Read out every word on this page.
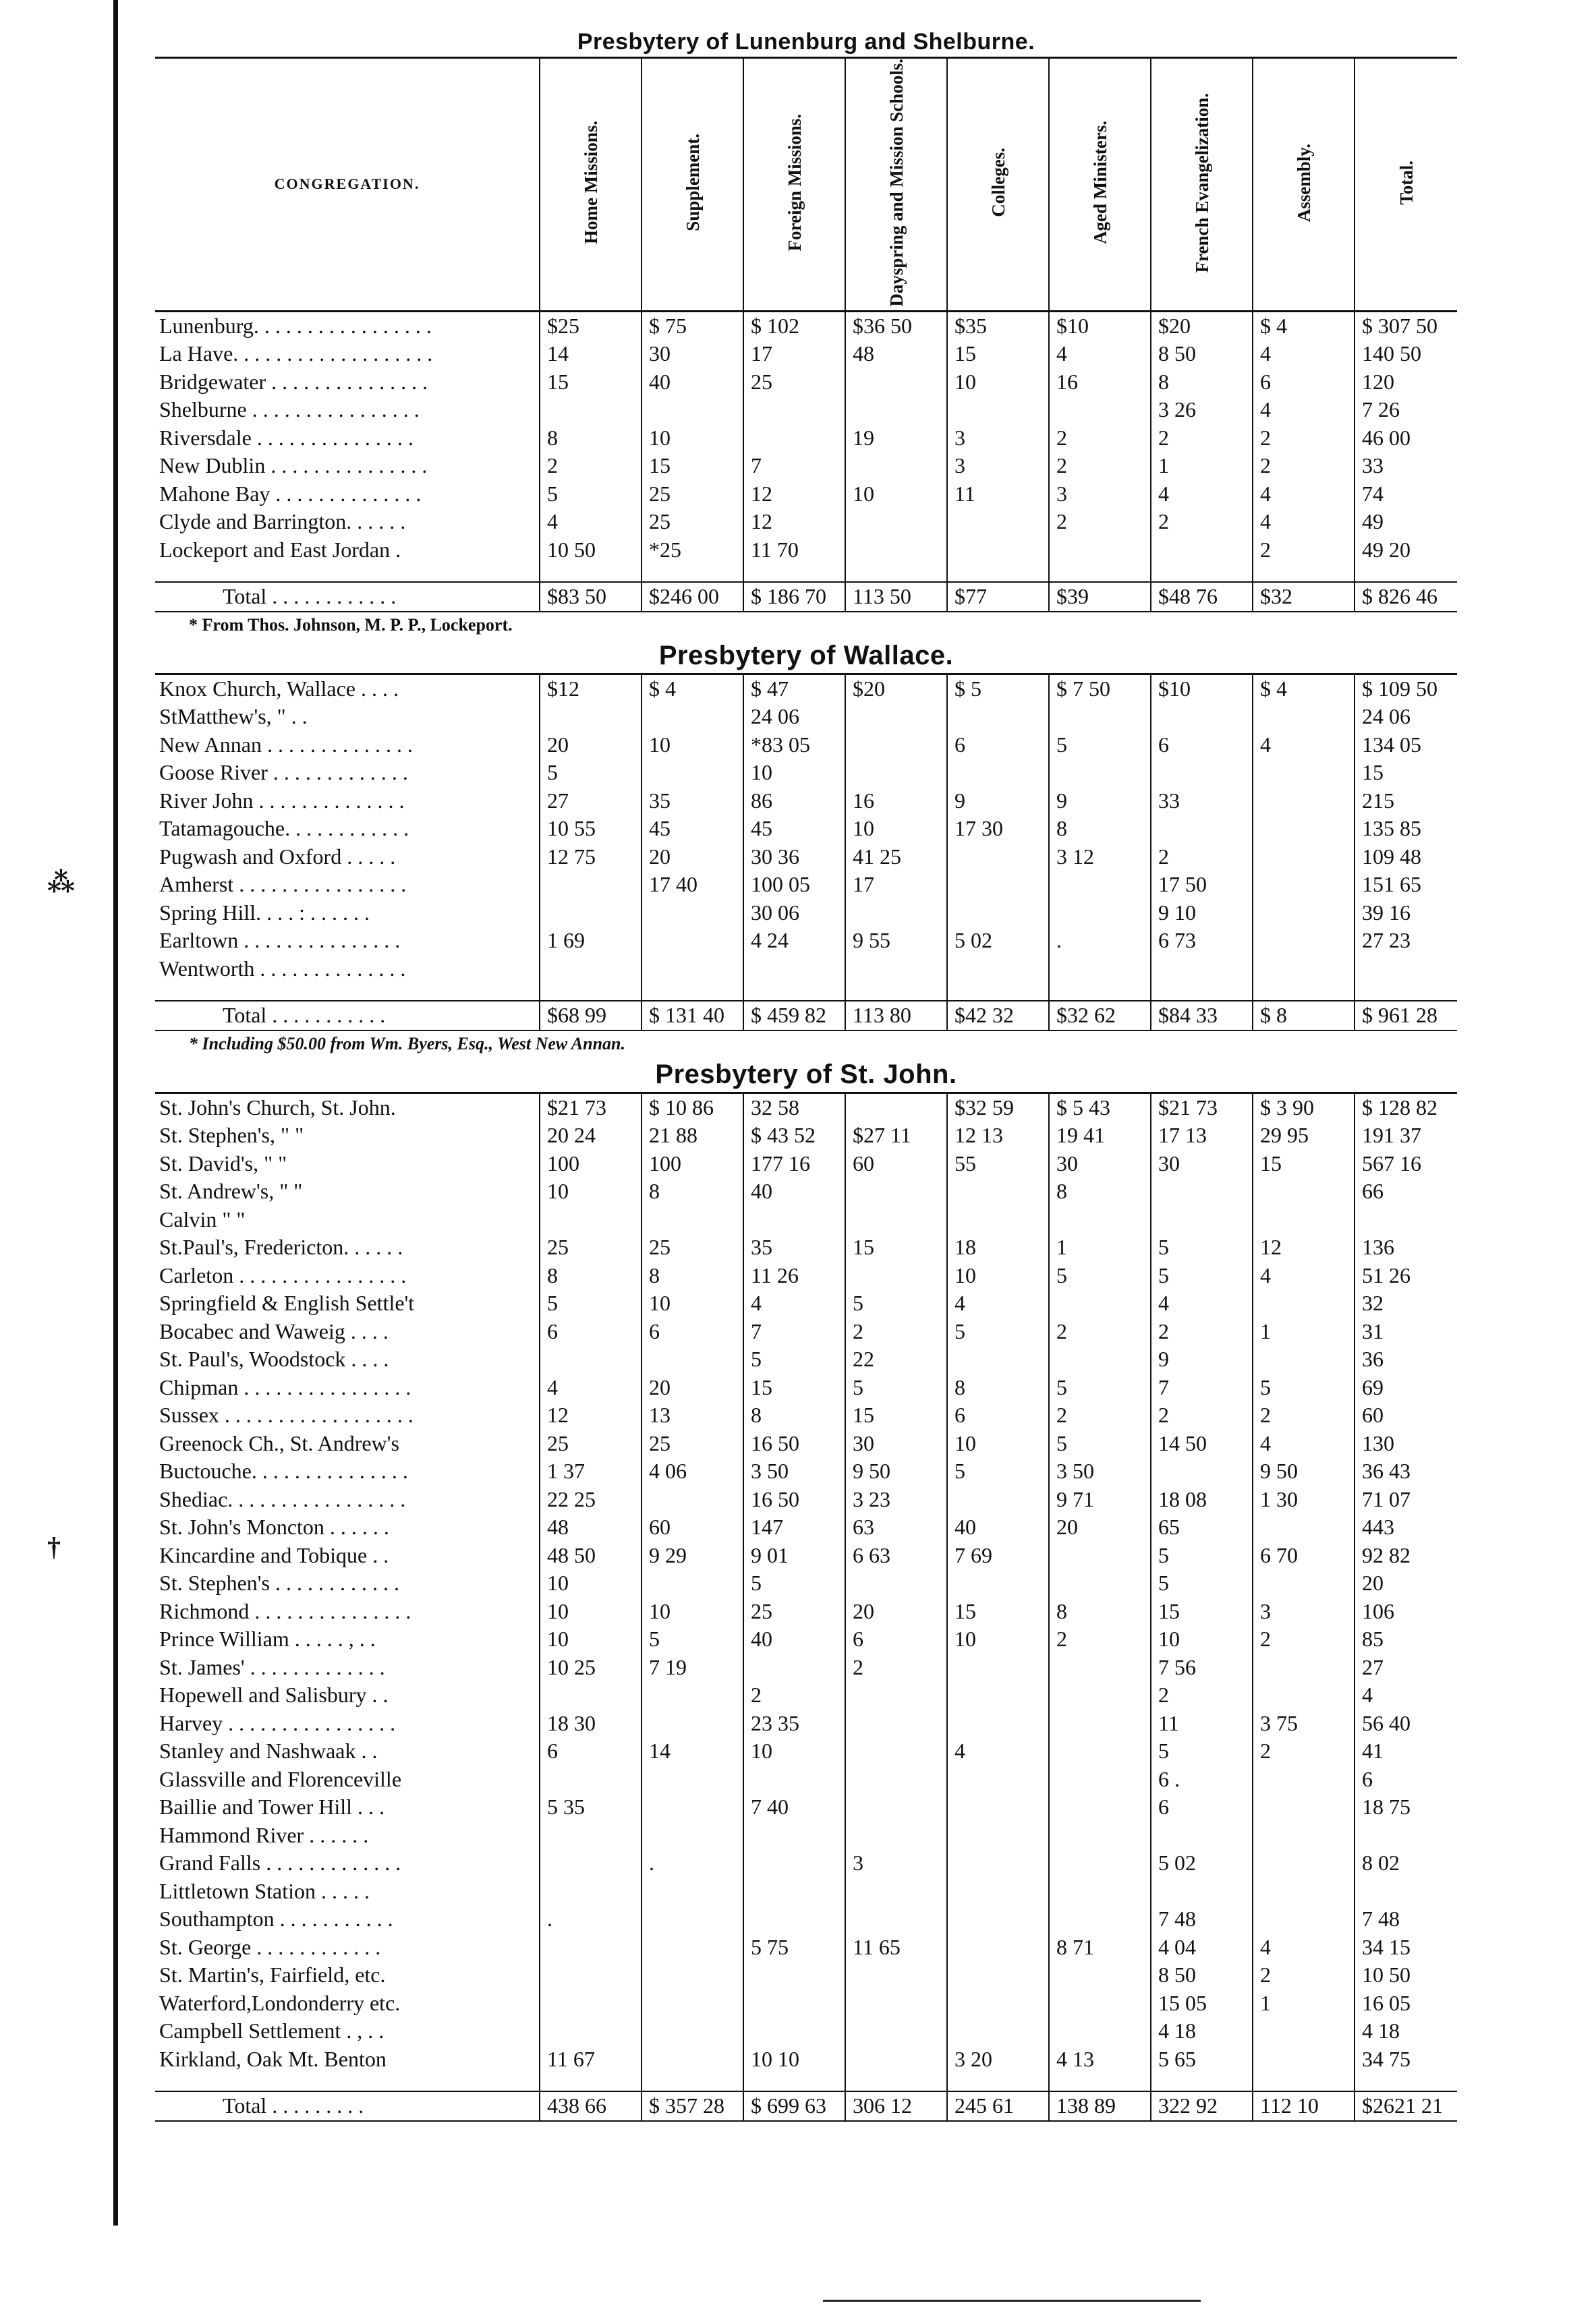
⁂
†
Presbytery of Lunenburg and Shelburne.
CONGREGATION.	Home Missions.	Supplement.	Foreign Missions.	Dayspring and Mission Schools.	Colleges.	Aged Ministers.	French Evangelization.	Assembly.	Total.
Lunenburg. . . . . . . . . . . . . . . . .	$25	$ 75	$ 102	$36 50	$35	$10	$20	$ 4	$ 307 50
La Have. . . . . . . . . . . . . . . . . . .	14	30	17	48	15	4	8 50	4	140 50
Bridgewater . . . . . . . . . . . . . . .	15	40	25		10	16	8	6	120
Shelburne . . . . . . . . . . . . . . . .							3 26	4	7 26
Riversdale . . . . . . . . . . . . . . .	8	10		19	3	2	2	2	46 00
New Dublin . . . . . . . . . . . . . . .	2	15	7		3	2	1	2	33
Mahone Bay . . . . . . . . . . . . . .	5	25	12	10	11	3	4	4	74
Clyde and Barrington. . . . . .	4	25	12			2	2	4	49
Lockeport and East Jordan .	10 50	*25	11 70					2	49 20

Total . . . . . . . . . . . .	$83 50	$246 00	$ 186 70	113 50	$77	$39	$48 76	$32	$ 826 46
* From Thos. Johnson, M. P. P., Lockeport.
Presbytery of Wallace.
Knox Church, Wallace . . . .	$12	$ 4	$ 47	$20	$ 5	$ 7 50	$10	$ 4	$ 109 50
StMatthew's, " . .			24 06						24 06
New Annan . . . . . . . . . . . . . .	20	10	*83 05		6	5	6	4	134 05
Goose River . . . . . . . . . . . . .	5		10						15
River John . . . . . . . . . . . . . .	27	35	86	16	9	9	33		215
Tatamagouche. . . . . . . . . . . .	10 55	45	45	10	17 30	8			135 85
Pugwash and Oxford . . . . .	12 75	20	30 36	41 25		3 12	2		109 48
Amherst . . . . . . . . . . . . . . . .		17 40	100 05	17			17 50		151 65
Spring Hill. . . . : . . . . . .			30 06				9 10		39 16
Earltown . . . . . . . . . . . . . . .	1 69		4 24	9 55	5 02	.	6 73		27 23
Wentworth . . . . . . . . . . . . . .									

Total . . . . . . . . . . .	$68 99	$ 131 40	$ 459 82	113 80	$42 32	$32 62	$84 33	$ 8	$ 961 28
* Including $50.00 from Wm. Byers, Esq., West New Annan.
Presbytery of St. John.
St. John's Church, St. John.	$21 73	$ 10 86	32 58		$32 59	$ 5 43	$21 73	$ 3 90	$ 128 82
St. Stephen's, " "	20 24	21 88	$ 43 52	$27 11	12 13	19 41	17 13	29 95	191 37
St. David's, " "	100	100	177 16	60	55	30	30	15	567 16
St. Andrew's, " "	10	8	40			8			66
Calvin " "									
St.Paul's, Fredericton. . . . . .	25	25	35	15	18	1	5	12	136
Carleton . . . . . . . . . . . . . . . .	8	8	11 26		10	5	5	4	51 26
Springfield & English Settle't	5	10	4	5	4		4		32
Bocabec and Waweig . . . .	6	6	7	2	5	2	2	1	31
St. Paul's, Woodstock . . . .			5	22			9		36
Chipman . . . . . . . . . . . . . . . .	4	20	15	5	8	5	7	5	69
Sussex . . . . . . . . . . . . . . . . . .	12	13	8	15	6	2	2	2	60
Greenock Ch., St. Andrew's	25	25	16 50	30	10	5	14 50	4	130
Buctouche. . . . . . . . . . . . . . .	1 37	4 06	3 50	9 50	5	3 50		9 50	36 43
Shediac. . . . . . . . . . . . . . . . .	22 25		16 50	3 23		9 71	18 08	1 30	71 07
St. John's Moncton . . . . . .	48	60	147	63	40	20	65		443
Kincardine and Tobique . .	48 50	9 29	9 01	6 63	7 69		5	6 70	92 82
St. Stephen's . . . . . . . . . . . .	10		5				5		20
Richmond . . . . . . . . . . . . . . .	10	10	25	20	15	8	15	3	106
Prince William . . . . . , . .	10	5	40	6	10	2	10	2	85
St. James' . . . . . . . . . . . . .	10 25	7 19		2			7 56		27
Hopewell and Salisbury . .			2				2		4
Harvey . . . . . . . . . . . . . . . .	18 30		23 35				11	3 75	56 40
Stanley and Nashwaak . .	6	14	10		4		5	2	41
Glassville and Florenceville							6 .		6
Baillie and Tower Hill . . .	5 35		7 40				6		18 75
Hammond River . . . . . .									
Grand Falls . . . . . . . . . . . . .		.		3			5 02		8 02
Littletown Station . . . . .									
Southampton . . . . . . . . . . .	.						7 48		7 48
St. George . . . . . . . . . . . .			5 75	11 65		8 71	4 04	4	34 15
St. Martin's, Fairfield, etc.							8 50	2	10 50
Waterford,Londonderry etc.							15 05	1	16 05
Campbell Settlement . , . .							4 18		4 18
Kirkland, Oak Mt. Benton	11 67		10 10		3 20	4 13	5 65		34 75

Total . . . . . . . . .	438 66	$ 357 28	$ 699 63	306 12	245 61	138 89	322 92	112 10	$2621 21
